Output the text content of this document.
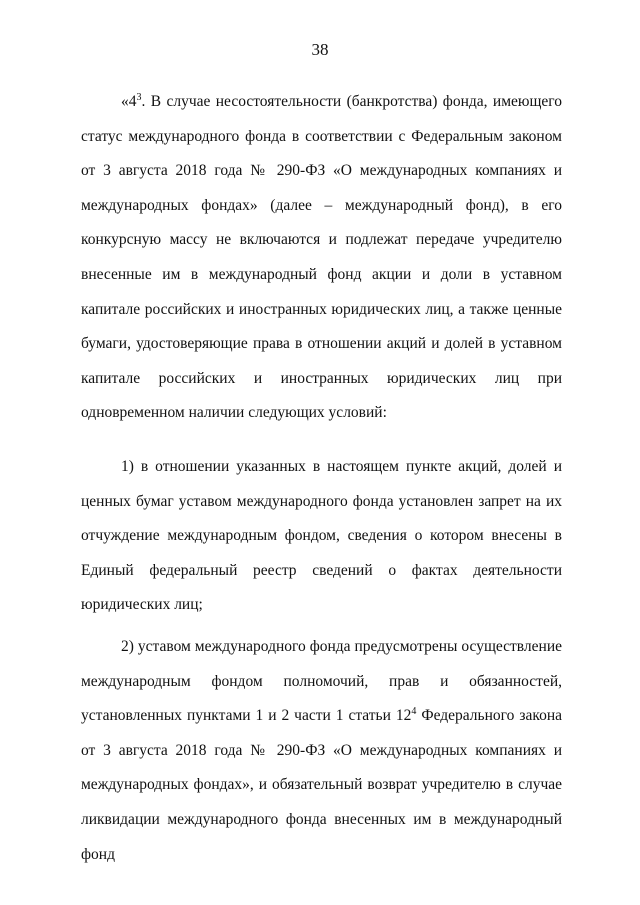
38

«$4^3$. В случае несостоятельности (банкротства) фонда, имеющего статус международного фонда в соответствии с Федеральным законом от 3 августа 2018 года № 290-ФЗ «О международных компаниях и международных фондах» (далее – международный фонд), в его конкурсную массу не включаются и подлежат передаче учредителю внесенные им в международный фонд акции и доли в уставном капитале российских и иностранных юридических лиц, а также ценные бумаги, удостоверяющие права в отношении акций и долей в уставном капитале российских и иностранных юридических лиц при одновременном наличии следующих условий:

1) в отношении указанных в настоящем пункте акций, долей и ценных бумаг уставом международного фонда установлен запрет на их отчуждение международным фондом, сведения о котором внесены в Единый федеральный реестр сведений о фактах деятельности юридических лиц;

2) уставом международного фонда предусмотрены осуществление международным фондом полномочий, прав и обязанностей, установленных пунктами 1 и 2 части 1 статьи $12^4$ Федерального закона от 3 августа 2018 года № 290-ФЗ «О международных компаниях и международных фондах», и обязательный возврат учредителю в случае ликвидации международного фонда внесенных им в международный фонд
